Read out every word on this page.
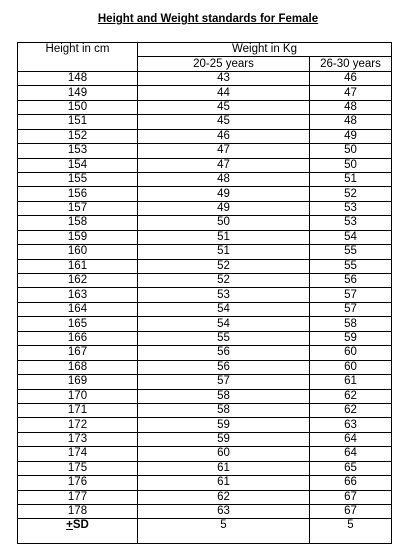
Height and Weight standards for Female
Height in cm	Weight in Kg	
	20-25 years	26-30 years
148	43	46
149	44	47
150	45	48
151	45	48
152	46	49
153	47	50
154	47	50
155	48	51
156	49	52
157	49	53
158	50	53
159	51	54
160	51	55
161	52	55
162	52	56
163	53	57
164	54	57
165	54	58
166	55	59
167	56	60
168	56	60
169	57	61
170	58	62
171	58	62
172	59	63
173	59	64
174	60	64
175	61	65
176	61	66
177	62	67
178	63	67
+SD	5	5
